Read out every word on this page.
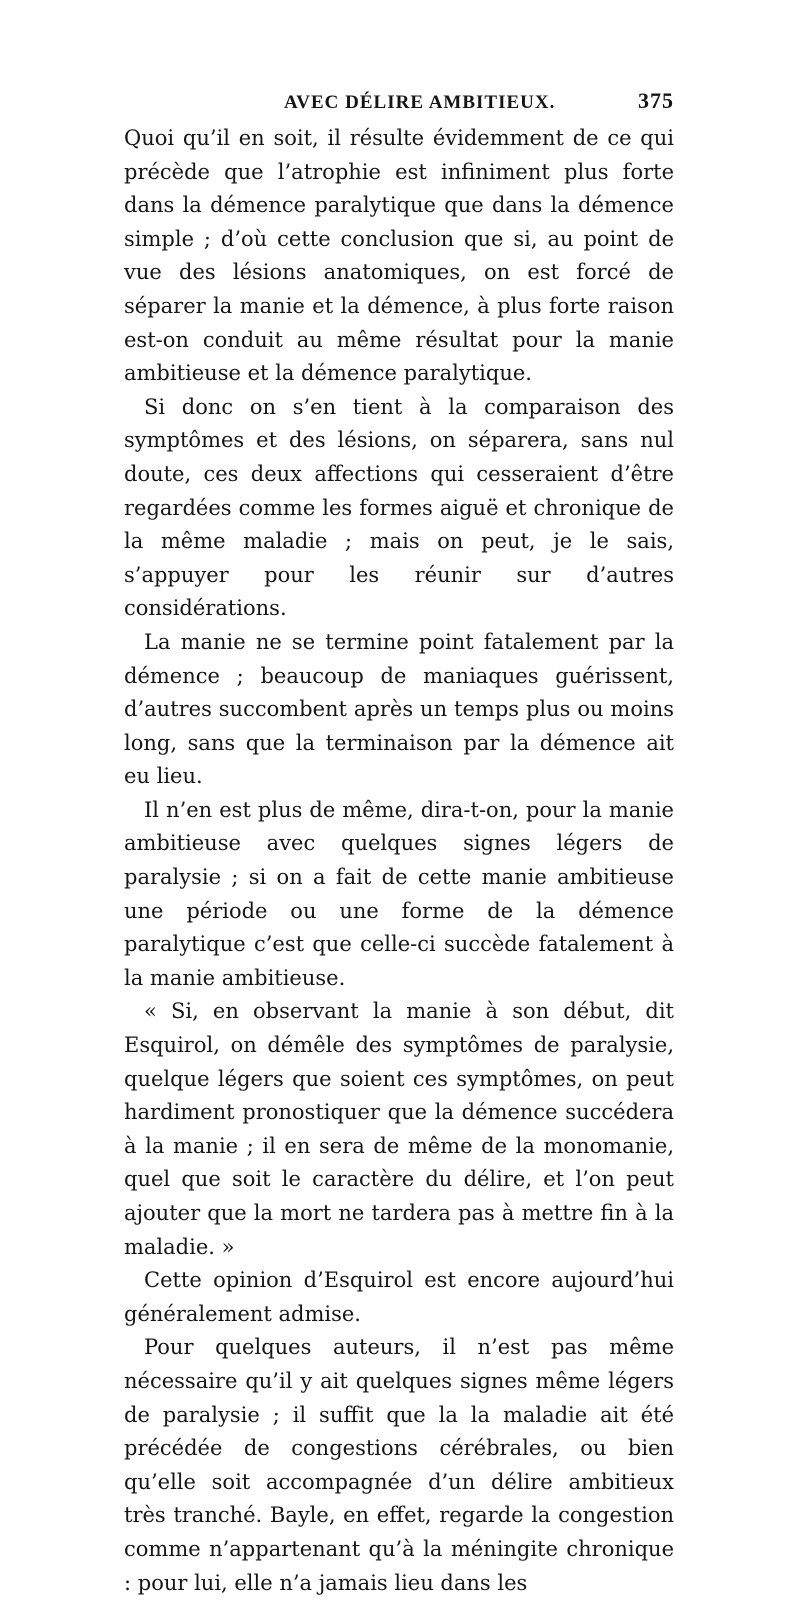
AVEC DÉLIRE AMBITIEUX.	375

Quoi qu’il en soit, il résulte évidemment de ce qui précède que l’atrophie est infiniment plus forte dans la démence paralytique que dans la démence simple ; d’où cette conclusion que si, au point de vue des lésions anatomiques, on est forcé de séparer la manie et la démence, à plus forte raison est-on conduit au même résultat pour la manie ambitieuse et la démence paralytique.

Si donc on s’en tient à la comparaison des symptômes et des lésions, on séparera, sans nul doute, ces deux affections qui cesseraient d’être regardées comme les formes aiguë et chronique de la même maladie ; mais on peut, je le sais, s’appuyer pour les réunir sur d’autres considérations.

La manie ne se termine point fatalement par la démence ; beaucoup de maniaques guérissent, d’autres succombent après un temps plus ou moins long, sans que la terminaison par la démence ait eu lieu.

Il n’en est plus de même, dira-t-on, pour la manie ambitieuse avec quelques signes légers de paralysie ; si on a fait de cette manie ambitieuse une période ou une forme de la démence paralytique c’est que celle-ci succède fatalement à la manie ambitieuse.

« Si, en observant la manie à son début, dit Esquirol, on démêle des symptômes de paralysie, quelque légers que soient ces symptômes, on peut hardiment pronostiquer que la démence succédera à la manie ; il en sera de même de la monomanie, quel que soit le caractère du délire, et l’on peut ajouter que la mort ne tardera pas à mettre fin à la maladie. »

Cette opinion d’Esquirol est encore aujourd’hui généralement admise.

Pour quelques auteurs, il n’est pas même nécessaire qu’il y ait quelques signes même légers de paralysie ; il suffit que la la maladie ait été précédée de congestions cérébrales, ou bien qu’elle soit accompagnée d’un délire ambitieux très tranché. Bayle, en effet, regarde la congestion comme n’appartenant qu’à la méningite chronique : pour lui, elle n’a jamais lieu dans les
